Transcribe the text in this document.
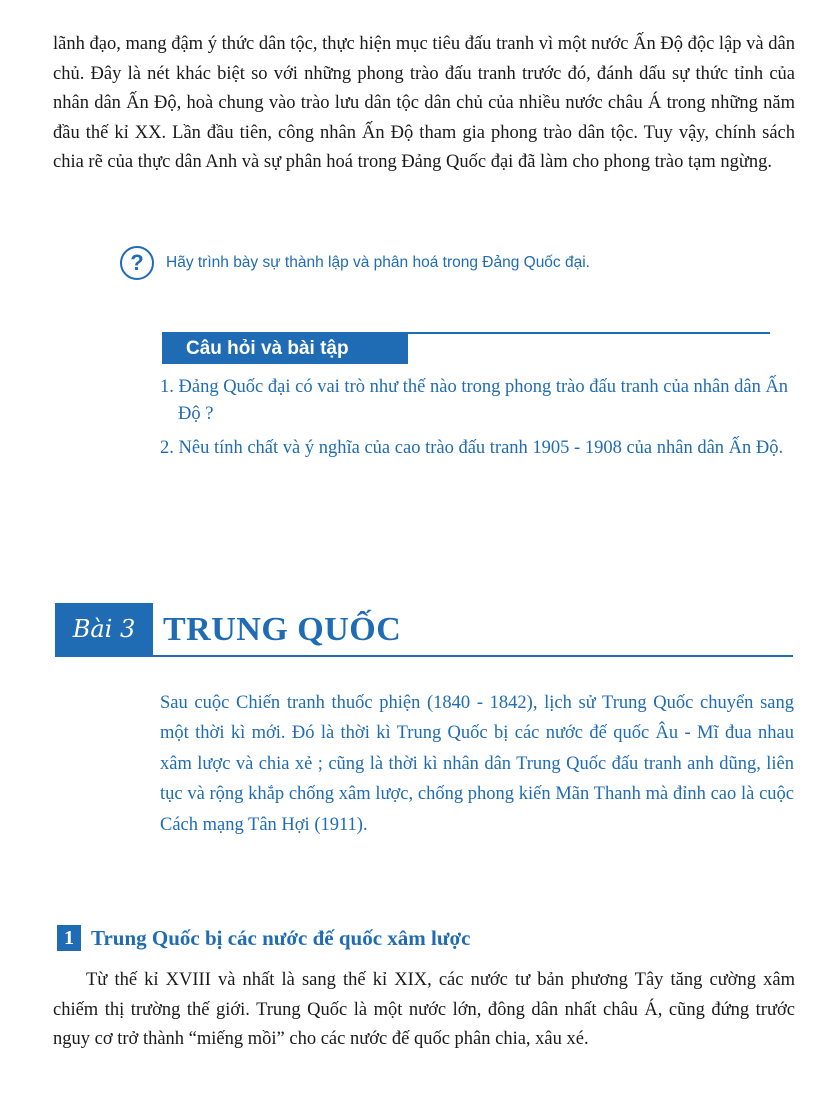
lãnh đạo, mang đậm ý thức dân tộc, thực hiện mục tiêu đấu tranh vì một nước Ấn Độ độc lập và dân chủ. Đây là nét khác biệt so với những phong trào đấu tranh trước đó, đánh dấu sự thức tỉnh của nhân dân Ấn Độ, hoà chung vào trào lưu dân tộc dân chủ của nhiều nước châu Á trong những năm đầu thế kỉ XX. Lần đầu tiên, công nhân Ấn Độ tham gia phong trào dân tộc. Tuy vậy, chính sách chia rẽ của thực dân Anh và sự phân hoá trong Đảng Quốc đại đã làm cho phong trào tạm ngừng.

?	Hãy trình bày sự thành lập và phân hoá trong Đảng Quốc đại.
Câu hỏi và bài tập
1. Đảng Quốc đại có vai trò như thế nào trong phong trào đấu tranh của nhân dân Ấn Độ ?
2. Nêu tính chất và ý nghĩa của cao trào đấu tranh 1905 - 1908 của nhân dân Ấn Độ.
Bài 3 TRUNG QUỐC

Sau cuộc Chiến tranh thuốc phiện (1840 - 1842), lịch sử Trung Quốc chuyển sang một thời kì mới. Đó là thời kì Trung Quốc bị các nước đế quốc Âu - Mĩ đua nhau xâm lược và chia xẻ ; cũng là thời kì nhân dân Trung Quốc đấu tranh anh dũng, liên tục và rộng khắp chống xâm lược, chống phong kiến Mãn Thanh mà đỉnh cao là cuộc Cách mạng Tân Hợi (1911).

1 Trung Quốc bị các nước đế quốc xâm lược

Từ thế kỉ XVIII và nhất là sang thế kỉ XIX, các nước tư bản phương Tây tăng cường xâm chiếm thị trường thế giới. Trung Quốc là một nước lớn, đông dân nhất châu Á, cũng đứng trước nguy cơ trở thành “miếng mồi” cho các nước đế quốc phân chia, xâu xé.
